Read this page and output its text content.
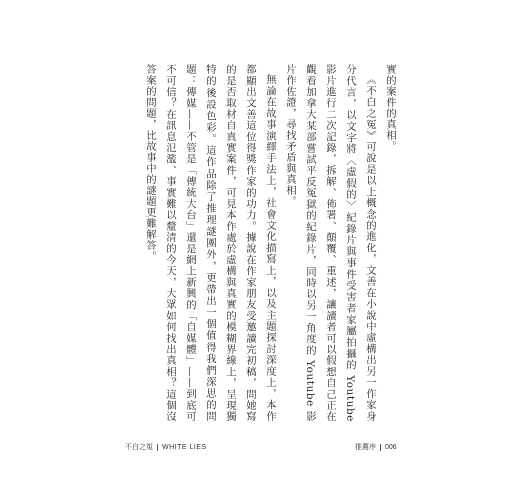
實的案件的真相。

《不白之冤》可說是以上概念的進化，文善在小說中虛構出另一作家身分代言，以文字將〈虛假的〉紀錄片與事件受害者家屬拍攝的 Youtube 影片進行二次記錄，拆解、佈署、顛覆、重述，讓讀者可以假想自己正在觀看加拿大某部嘗試平反冤獄的紀錄片，同時以另一角度的 Youtube 影片作佐證，尋找矛盾與真相。

無論在故事演繹手法上，社會文化描寫上，以及主題探討深度上，本作都顯出文善這位得獎作家的功力。據說在作家朋友受邀讀完初稿，問她寫的是否取材自真實案件，可見本作處於虛構與真實的模糊界線上，呈現獨特的後設色彩。這作品除了推理謎團外，更帶出一個值得我們深思的問題：傳媒——不管是「傳統大台」還是網上新興的「自媒體」——到底可不可信？在訊息氾濫、事實難以釐清的今天，大眾如何找出真相？這個沒答案的問題，比故事中的謎題更難解答。

不白之冤 WHITE LIES	推薦序 006
